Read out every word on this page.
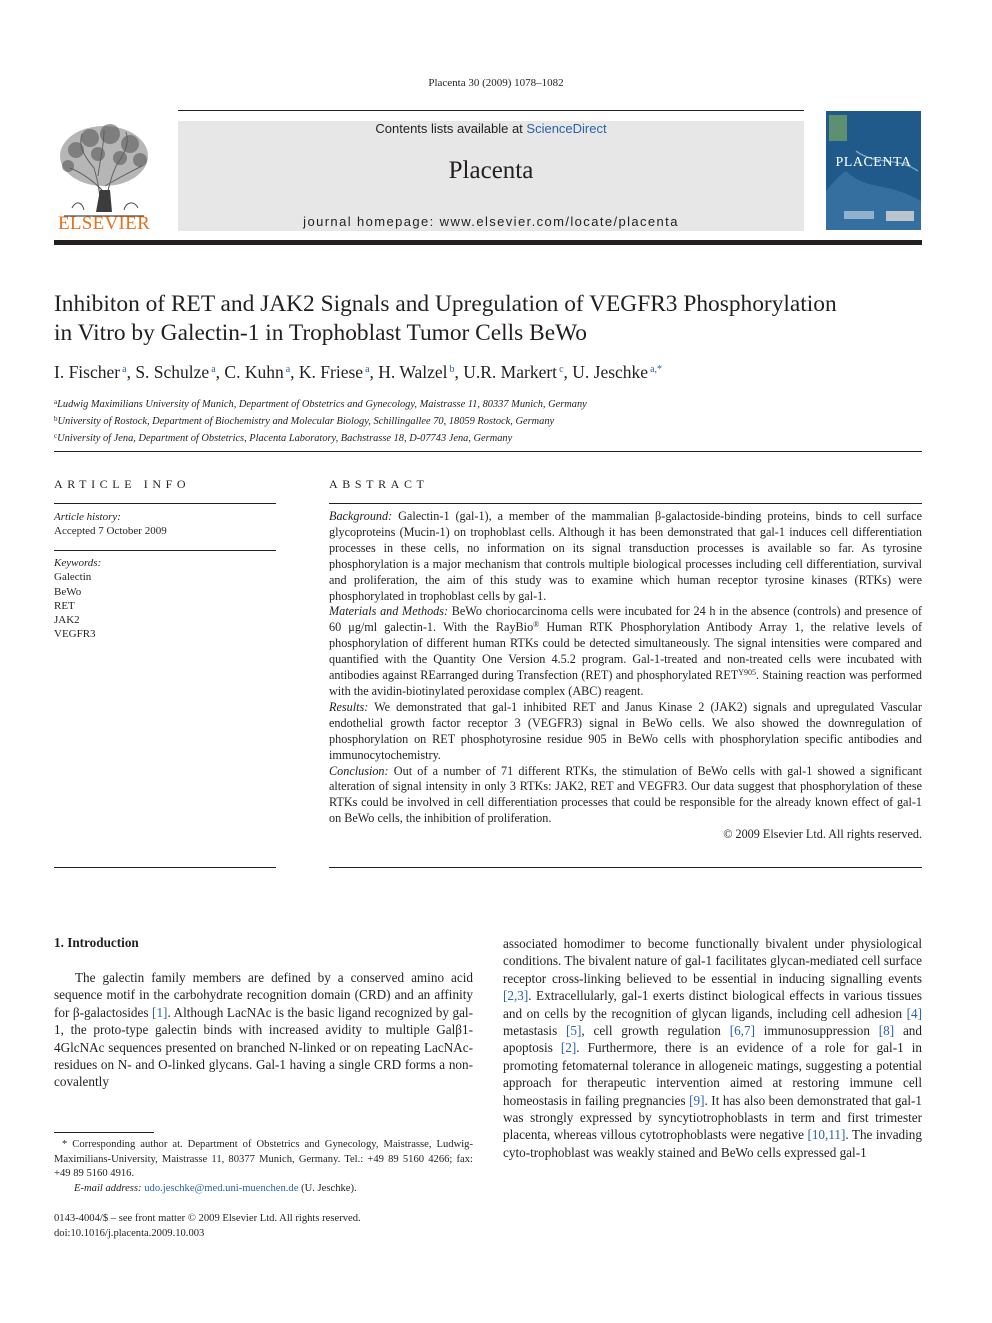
Placenta 30 (2009) 1078–1082
ELSEVIER
Contents lists available at ScienceDirect
Placenta
journal homepage: www.elsevier.com/locate/placenta
PLACENTA
Inhibiton of RET and JAK2 Signals and Upregulation of VEGFR3 Phosphorylation
in Vitro by Galectin-1 in Trophoblast Tumor Cells BeWo
I. Fischer $^a$, S. Schulze $^a$, C. Kuhn $^a$, K. Friese $^a$, H. Walzel $^b$, U.R. Markert $^c$, U. Jeschke $^{a,*}$
$^a$Ludwig Maximilians University of Munich, Department of Obstetrics and Gynecology, Maistrasse 11, 80337 Munich, Germany
$^b$University of Rostock, Department of Biochemistry and Molecular Biology, Schillingallee 70, 18059 Rostock, Germany
$^c$University of Jena, Department of Obstetrics, Placenta Laboratory, Bachstrasse 18, D-07743 Jena, Germany
ARTICLE INFO	ABSTRACT
Article history:
Accepted 7 October 2009
Keywords:
Galectin
BeWo
RET
JAK2
VEGFR3

Background: Galectin-1 (gal-1), a member of the mammalian β-galactoside-binding proteins, binds to cell surface glycoproteins (Mucin-1) on trophoblast cells. Although it has been demonstrated that gal-1 induces cell differentiation processes in these cells, no information on its signal transduction processes is available so far. As tyrosine phosphorylation is a major mechanism that controls multiple biological processes including cell differentiation, survival and proliferation, the aim of this study was to examine which human receptor tyrosine kinases (RTKs) were phosphorylated in trophoblast cells by gal-1.

Materials and Methods: BeWo choriocarcinoma cells were incubated for 24 h in the absence (controls) and presence of 60 μg/ml galectin-1. With the RayBio® Human RTK Phosphorylation Antibody Array 1, the relative levels of phosphorylation of different human RTKs could be detected simultaneously. The signal intensities were compared and quantified with the Quantity One Version 4.5.2 program. Gal-1-treated and non-treated cells were incubated with antibodies against REarranged during Transfection (RET) and phosphorylated $RET^{Y905}$. Staining reaction was performed with the avidin-biotinylated peroxidase complex (ABC) reagent.

Results: We demonstrated that gal-1 inhibited RET and Janus Kinase 2 (JAK2) signals and upregulated Vascular endothelial growth factor receptor 3 (VEGFR3) signal in BeWo cells. We also showed the downregulation of phosphorylation on RET phosphotyrosine residue 905 in BeWo cells with phosphorylation specific antibodies and immunocytochemistry.

Conclusion: Out of a number of 71 different RTKs, the stimulation of BeWo cells with gal-1 showed a significant alteration of signal intensity in only 3 RTKs: JAK2, RET and VEGFR3. Our data suggest that phosphorylation of these RTKs could be involved in cell differentiation processes that could be responsible for the already known effect of gal-1 on BeWo cells, the inhibition of proliferation.

© 2009 Elsevier Ltd. All rights reserved.

1. Introduction

The galectin family members are defined by a conserved amino acid sequence motif in the carbohydrate recognition domain (CRD) and an affinity for β-galactosides [1]. Although LacNAc is the basic ligand recognized by gal-1, the proto-type galectin binds with increased avidity to multiple Galβ1-4GlcNAc sequences presented on branched N-linked or on repeating LacNAc-residues on N- and O-linked glycans. Gal-1 having a single CRD forms a non-covalently

associated homodimer to become functionally bivalent under physiological conditions. The bivalent nature of gal-1 facilitates glycan-mediated cell surface receptor cross-linking believed to be essential in inducing signalling events [2,3]. Extracellularly, gal-1 exerts distinct biological effects in various tissues and on cells by the recognition of glycan ligands, including cell adhesion [4] metastasis [5], cell growth regulation [6,7] immunosuppression [8] and apoptosis [2]. Furthermore, there is an evidence of a role for gal-1 in promoting fetomaternal tolerance in allogeneic matings, suggesting a potential approach for therapeutic intervention aimed at restoring immune cell homeostasis in failing pregnancies [9]. It has also been demonstrated that gal-1 was strongly expressed by syncytiotrophoblasts in term and first trimester placenta, whereas villous cytotrophoblasts were negative [10,11]. The invading cyto-trophoblast was weakly stained and BeWo cells expressed gal-1

* Corresponding author at. Department of Obstetrics and Gynecology, Maistrasse, Ludwig-Maximilians-University, Maistrasse 11, 80377 Munich, Germany. Tel.: +49 89 5160 4266; fax: +49 89 5160 4916.

E-mail address: udo.jeschke@med.uni-muenchen.de (U. Jeschke).

0143-4004/$ – see front matter © 2009 Elsevier Ltd. All rights reserved.
doi:10.1016/j.placenta.2009.10.003
